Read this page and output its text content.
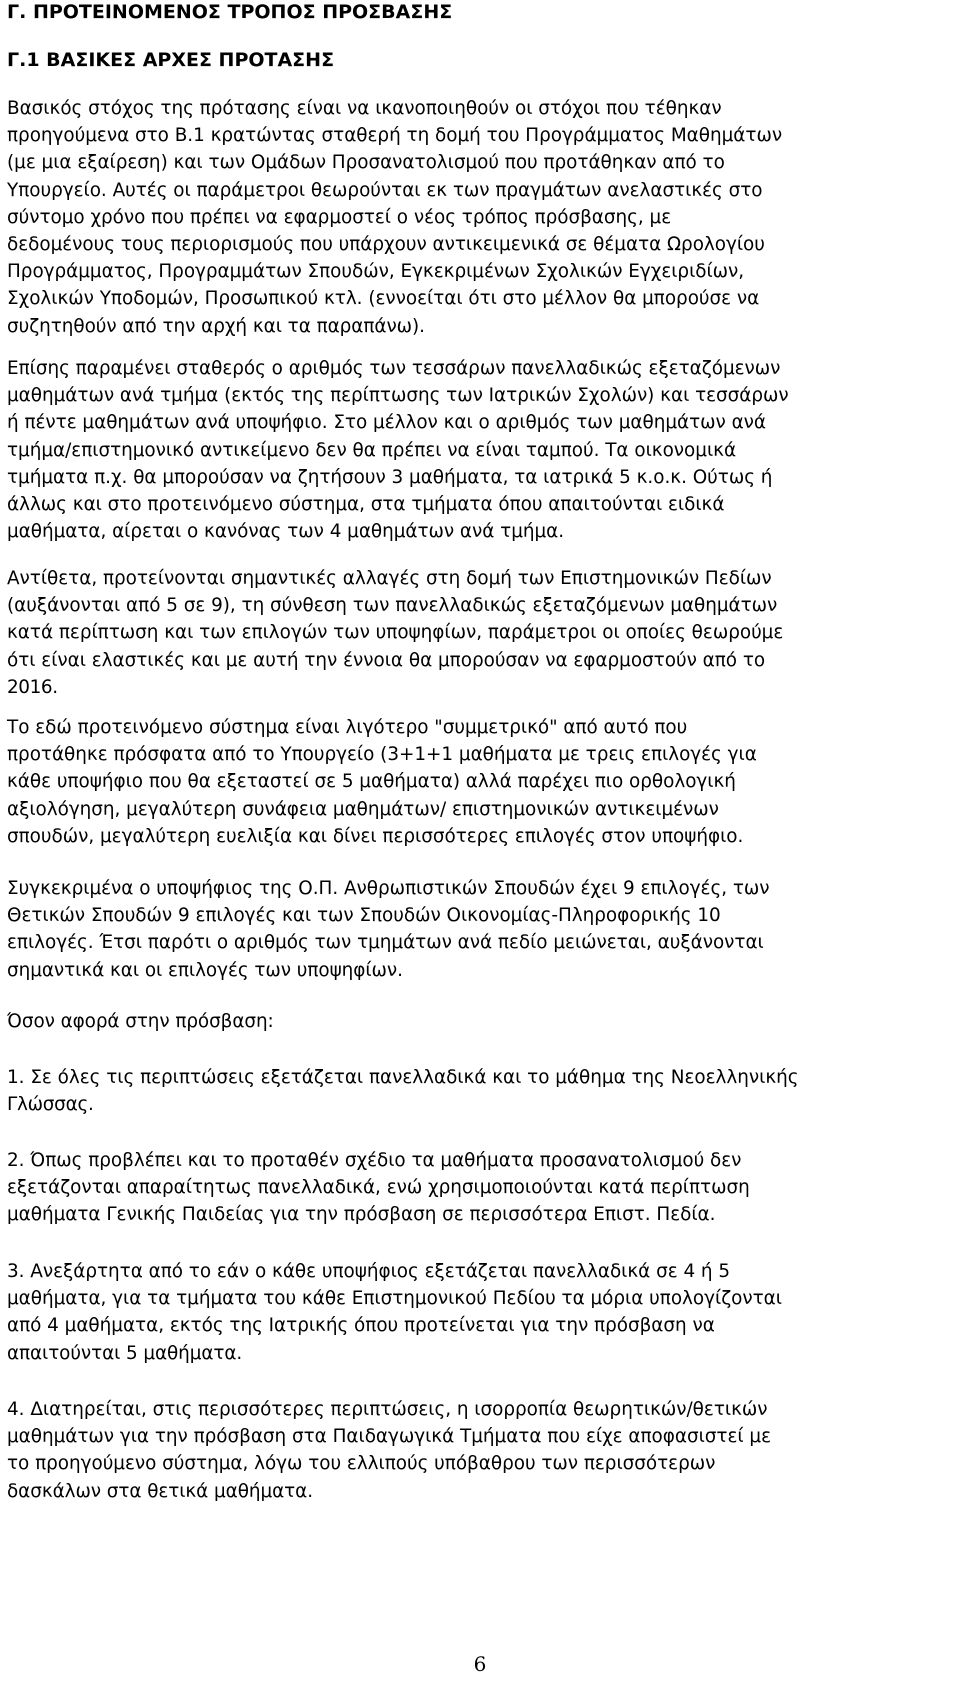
Γ. ΠΡΟΤΕΙΝΟΜΕΝΟΣ ΤΡΟΠΟΣ ΠΡΟΣΒΑΣΗΣ
Γ.1 ΒΑΣΙΚΕΣ ΑΡΧΕΣ ΠΡΟΤΑΣΗΣ
Βασικός στόχος της πρότασης είναι να ικανοποιηθούν οι στόχοι που τέθηκαν
προηγούμενα στο Β.1 κρατώντας σταθερή τη δομή του Προγράμματος Μαθημάτων
(με μια εξαίρεση) και των Ομάδων Προσανατολισμού που προτάθηκαν από το
Υπουργείο. Αυτές οι παράμετροι θεωρούνται εκ των πραγμάτων ανελαστικές στο
σύντομο χρόνο που πρέπει να εφαρμοστεί ο νέος τρόπος πρόσβασης, με
δεδομένους τους περιορισμούς που υπάρχουν αντικειμενικά σε θέματα Ωρολογίου
Προγράμματος, Προγραμμάτων Σπουδών, Εγκεκριμένων Σχολικών Εγχειριδίων,
Σχολικών Υποδομών, Προσωπικού κτλ. (εννοείται ότι στο μέλλον θα μπορούσε να
συζητηθούν από την αρχή και τα παραπάνω).
Επίσης παραμένει σταθερός ο αριθμός των τεσσάρων πανελλαδικώς εξεταζόμενων
μαθημάτων ανά τμήμα (εκτός της περίπτωσης των Ιατρικών Σχολών) και τεσσάρων
ή πέντε μαθημάτων ανά υποψήφιο. Στο μέλλον και ο αριθμός των μαθημάτων ανά
τμήμα/επιστημονικό αντικείμενο δεν θα πρέπει να είναι ταμπού. Τα οικονομικά
τμήματα π.χ. θα μπορούσαν να ζητήσουν 3 μαθήματα, τα ιατρικά 5 κ.ο.κ. Ούτως ή
άλλως και στο προτεινόμενο σύστημα, στα τμήματα όπου απαιτούνται ειδικά
μαθήματα, αίρεται ο κανόνας των 4 μαθημάτων ανά τμήμα.
Αντίθετα, προτείνονται σημαντικές αλλαγές στη δομή των Επιστημονικών Πεδίων
(αυξάνονται από 5 σε 9), τη σύνθεση των πανελλαδικώς εξεταζόμενων μαθημάτων
κατά περίπτωση και των επιλογών των υποψηφίων, παράμετροι οι οποίες θεωρούμε
ότι είναι ελαστικές και με αυτή την έννοια θα μπορούσαν να εφαρμοστούν από το
2016.
Το εδώ προτεινόμενο σύστημα είναι λιγότερο "συμμετρικό" από αυτό που
προτάθηκε πρόσφατα από το Υπουργείο (3+1+1 μαθήματα με τρεις επιλογές για
κάθε υποψήφιο που θα εξεταστεί σε 5 μαθήματα) αλλά παρέχει πιο ορθολογική
αξιολόγηση, μεγαλύτερη συνάφεια μαθημάτων/ επιστημονικών αντικειμένων
σπουδών, μεγαλύτερη ευελιξία και δίνει περισσότερες επιλογές στον υποψήφιο.
Συγκεκριμένα ο υποψήφιος της Ο.Π. Ανθρωπιστικών Σπουδών έχει 9 επιλογές, των
Θετικών Σπουδών 9 επιλογές και των Σπουδών Οικονομίας-Πληροφορικής 10
επιλογές. Έτσι παρότι ο αριθμός των τμημάτων ανά πεδίο μειώνεται, αυξάνονται
σημαντικά και οι επιλογές των υποψηφίων.
Όσον αφορά στην πρόσβαση:
1. Σε όλες τις περιπτώσεις εξετάζεται πανελλαδικά και το μάθημα της Νεοελληνικής
Γλώσσας.
2. Όπως προβλέπει και το προταθέν σχέδιο τα μαθήματα προσανατολισμού δεν
εξετάζονται απαραίτητως πανελλαδικά, ενώ χρησιμοποιούνται κατά περίπτωση
μαθήματα Γενικής Παιδείας για την πρόσβαση σε περισσότερα Επιστ. Πεδία.
3. Ανεξάρτητα από το εάν ο κάθε υποψήφιος εξετάζεται πανελλαδικά σε 4 ή 5
μαθήματα, για τα τμήματα του κάθε Επιστημονικού Πεδίου τα μόρια υπολογίζονται
από 4 μαθήματα, εκτός της Ιατρικής όπου προτείνεται για την πρόσβαση να
απαιτούνται 5 μαθήματα.
4. Διατηρείται, στις περισσότερες περιπτώσεις, η ισορροπία θεωρητικών/θετικών
μαθημάτων για την πρόσβαση στα Παιδαγωγικά Τμήματα που είχε αποφασιστεί με
το προηγούμενο σύστημα, λόγω του ελλιπούς υπόβαθρου των περισσότερων
δασκάλων στα θετικά μαθήματα.
6
